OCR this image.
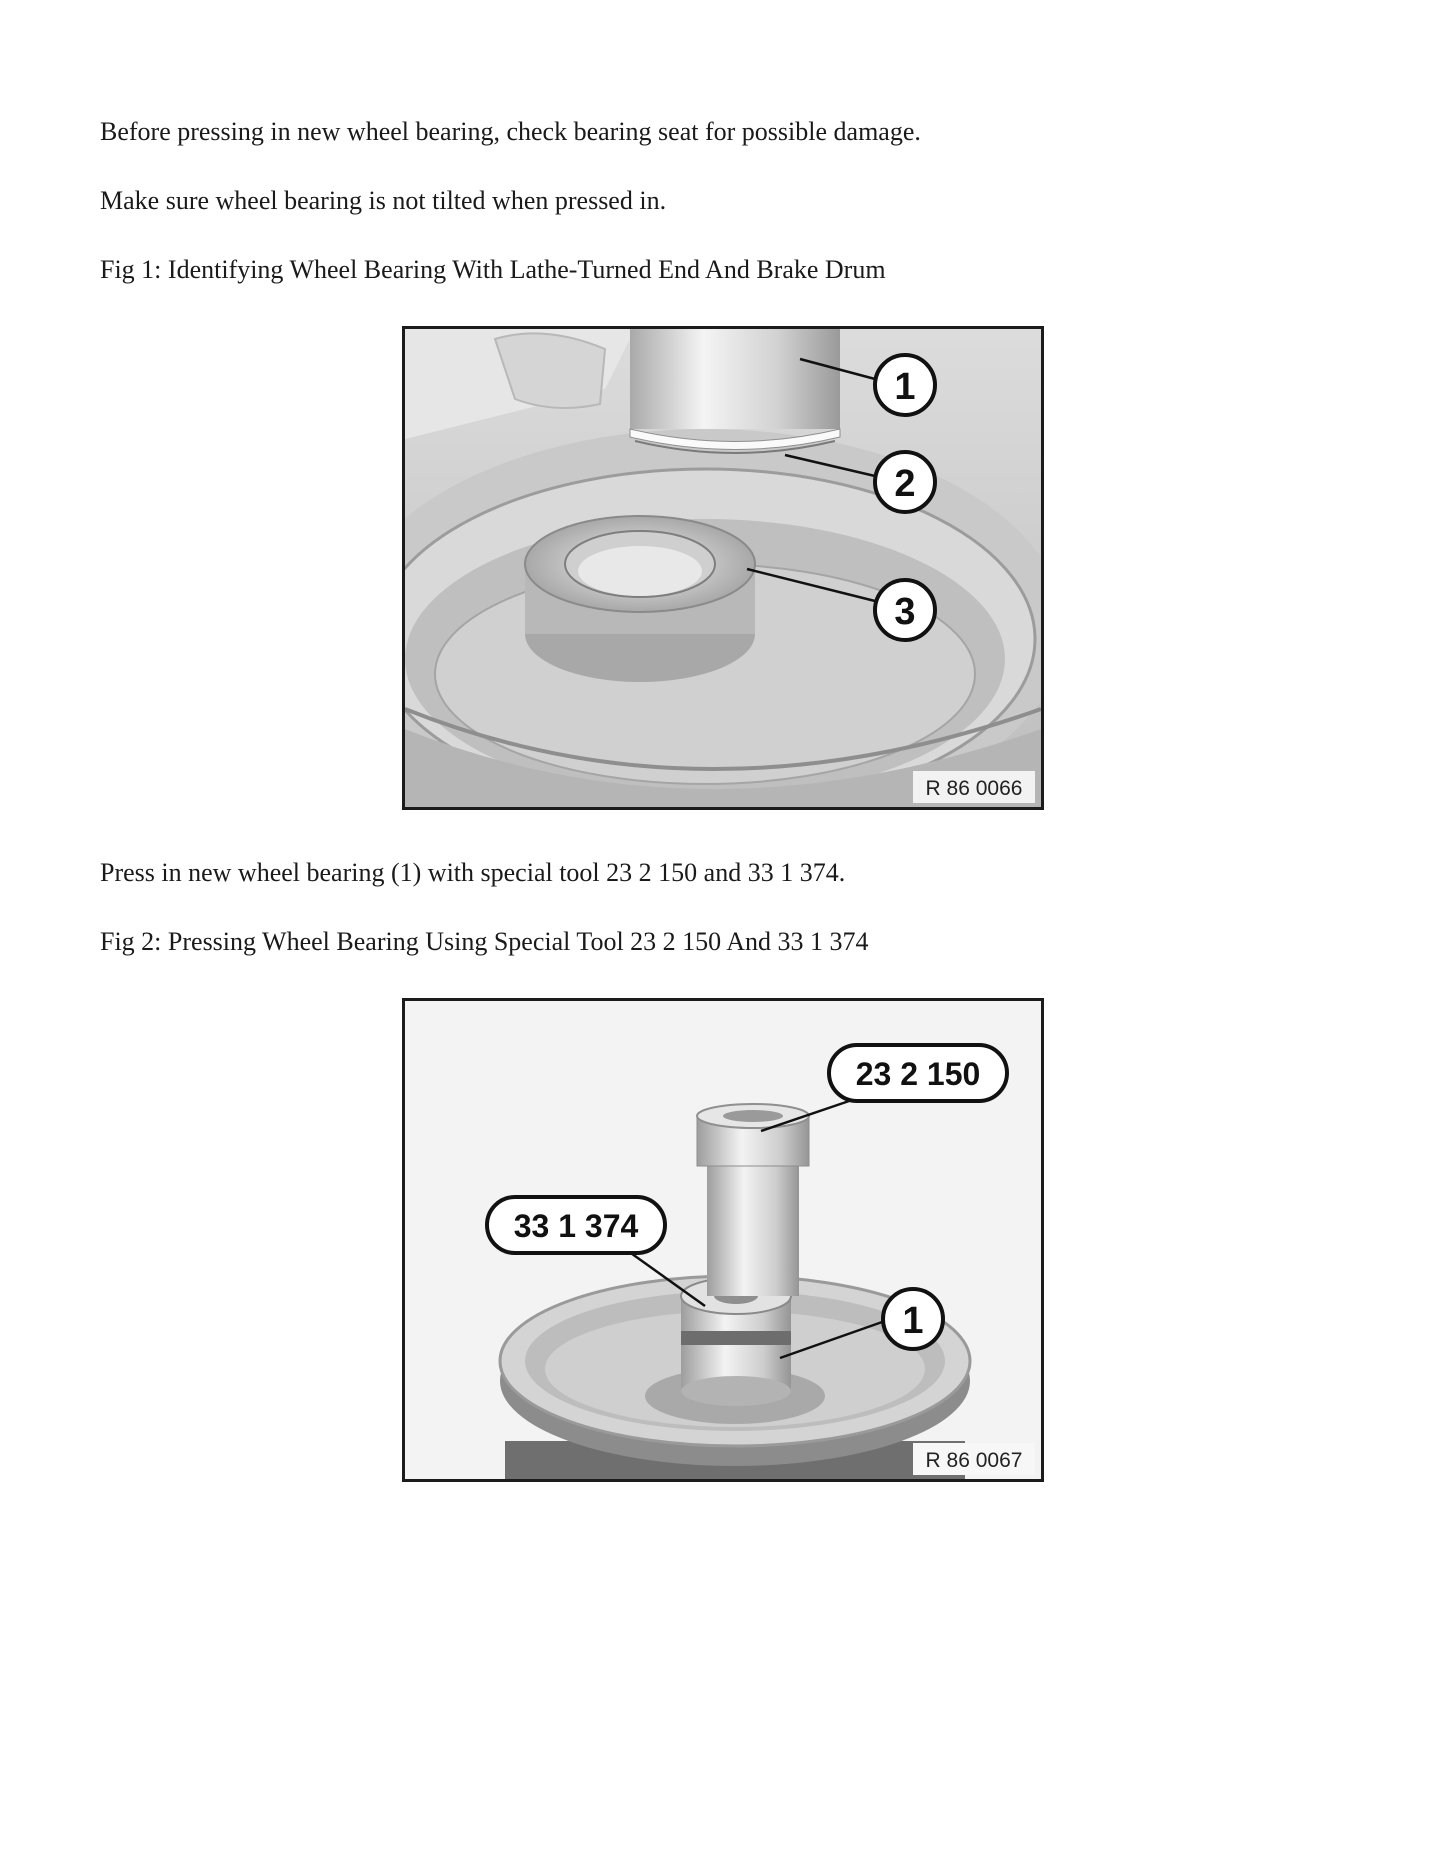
Before pressing in new wheel bearing, check bearing seat for possible damage.

Make sure wheel bearing is not tilted when pressed in.

Fig 1: Identifying Wheel Bearing With Lathe-Turned End And Brake Drum

1
2
3
R 86 0066

Press in new wheel bearing (1) with special tool 23 2 150 and 33 1 374.

Fig 2: Pressing Wheel Bearing Using Special Tool 23 2 150 And 33 1 374

23 2 150
33 1 374
1
R 86 0067
